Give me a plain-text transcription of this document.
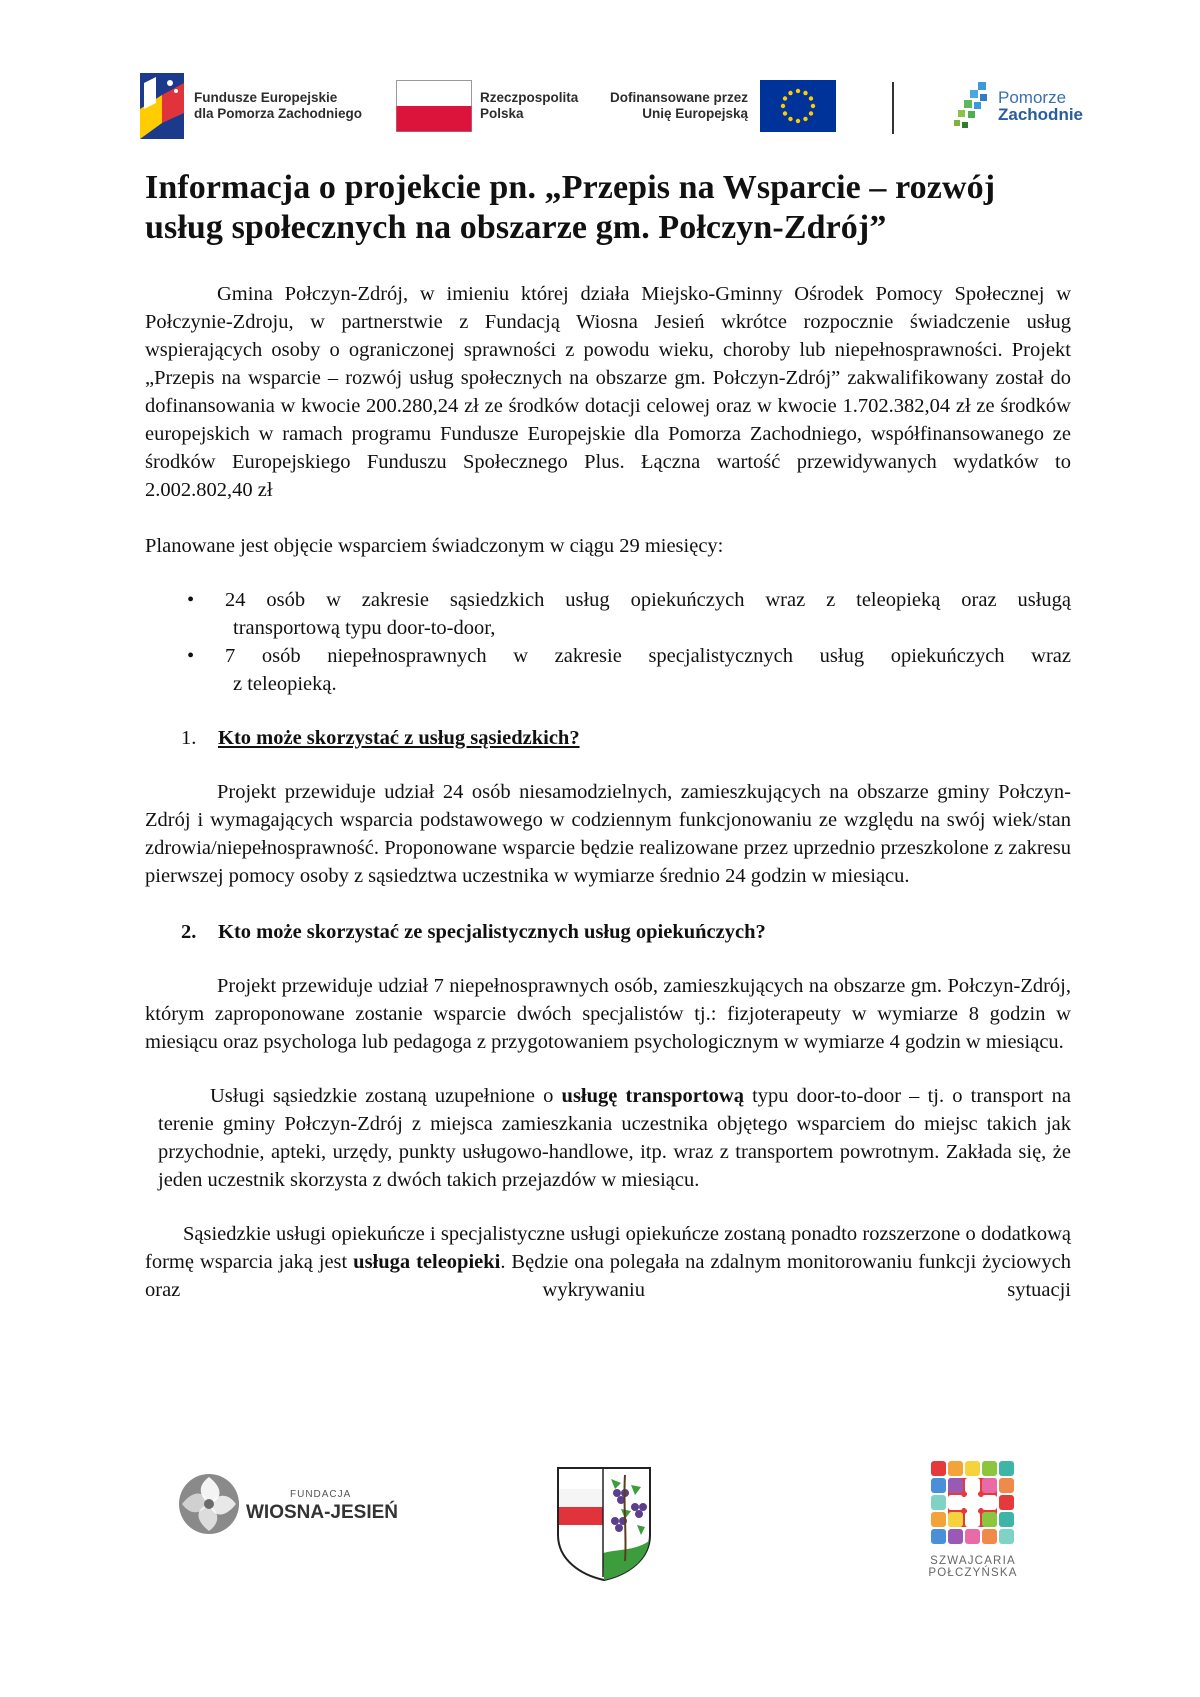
Fundusze Europejskie
dla Pomorza Zachodniego
Rzeczpospolita
Polska
Dofinansowane przez
Unię Europejską
Pomorze
Zachodnie
Informacja o projekcie pn. „Przepis na Wsparcie – rozwój
usług społecznych na obszarze gm. Połczyn-Zdrój”

Gmina Połczyn-Zdrój, w imieniu której działa Miejsko-Gminny Ośrodek Pomocy Społecznej w Połczynie-Zdroju, w partnerstwie z Fundacją Wiosna Jesień wkrótce rozpocznie świadczenie usług wspierających osoby o ograniczonej sprawności z powodu wieku, choroby lub niepełnosprawności. Projekt „Przepis na wsparcie – rozwój usług społecznych na obszarze gm. Połczyn-Zdrój” zakwalifikowany został do dofinansowania w kwocie 200.280,24 zł ze środków dotacji celowej oraz w kwocie 1.702.382,04 zł ze środków europejskich w ramach programu Fundusze Europejskie dla Pomorza Zachodniego, współfinansowanego ze środków Europejskiego Funduszu Społecznego Plus. Łączna wartość przewidywanych wydatków to 2.002.802,40 zł

Planowane jest objęcie wsparciem świadczonym w ciągu 29 miesięcy:

• 24 osób w zakresie sąsiedzkich usług opiekuńczych wraz z teleopieką oraz usługą
transportową typu door-to-door,
• 7 osób niepełnosprawnych w zakresie specjalistycznych usług opiekuńczych wraz
z teleopieką.
1.	Kto może skorzystać z usług sąsiedzkich?

Projekt przewiduje udział 24 osób niesamodzielnych, zamieszkujących na obszarze gminy Połczyn-Zdrój i wymagających wsparcia podstawowego w codziennym funkcjonowaniu ze względu na swój wiek/stan zdrowia/niepełnosprawność. Proponowane wsparcie będzie realizowane przez uprzednio przeszkolone z zakresu pierwszej pomocy osoby z sąsiedztwa uczestnika w wymiarze średnio 24 godzin w miesiącu.

2.	Kto może skorzystać ze specjalistycznych usług opiekuńczych?

Projekt przewiduje udział 7 niepełnosprawnych osób, zamieszkujących na obszarze gm. Połczyn-Zdrój, którym zaproponowane zostanie wsparcie dwóch specjalistów tj.: fizjoterapeuty w wymiarze 8 godzin w miesiącu oraz psychologa lub pedagoga z przygotowaniem psychologicznym w wymiarze 4 godzin w miesiącu.

Usługi sąsiedzkie zostaną uzupełnione o usługę transportową typu door-to-door – tj. o transport na terenie gminy Połczyn-Zdrój z miejsca zamieszkania uczestnika objętego wsparciem do miejsc takich jak przychodnie, apteki, urzędy, punkty usługowo-handlowe, itp. wraz z transportem powrotnym. Zakłada się, że jeden uczestnik skorzysta z dwóch takich przejazdów w miesiącu.

Sąsiedzkie usługi opiekuńcze i specjalistyczne usługi opiekuńcze zostaną ponadto rozszerzone o dodatkową formę wsparcia jaką jest usługa teleopieki. Będzie ona polegała na zdalnym monitorowaniu funkcji życiowych oraz wykrywaniu sytuacji

FUNDACJA
WIOSNA-JESIEŃ
SZWAJCARIA
POŁCZYŃSKA
